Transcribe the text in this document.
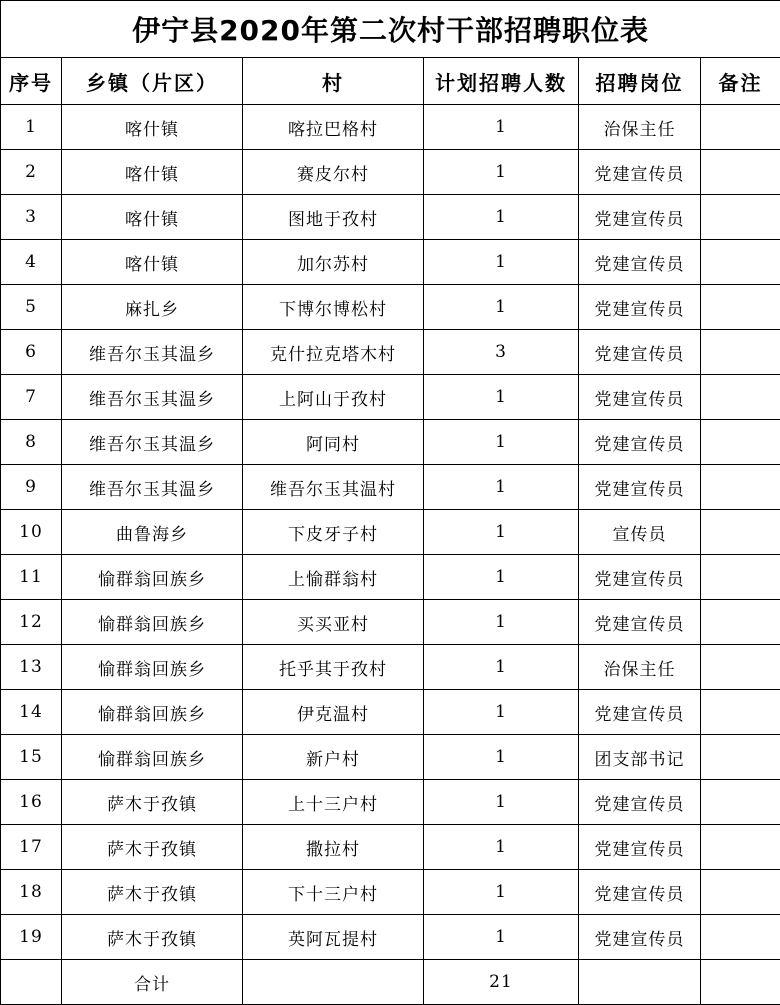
伊宁县2020年第二次村干部招聘职位表					
序号	乡镇（片区）	村	计划招聘人数	招聘岗位	备注
1	喀什镇	喀拉巴格村	1	治保主任	
2	喀什镇	赛皮尔村	1	党建宣传员	
3	喀什镇	图地于孜村	1	党建宣传员	
4	喀什镇	加尔苏村	1	党建宣传员	
5	麻扎乡	下博尔博松村	1	党建宣传员	
6	维吾尔玉其温乡	克什拉克塔木村	3	党建宣传员	
7	维吾尔玉其温乡	上阿山于孜村	1	党建宣传员	
8	维吾尔玉其温乡	阿同村	1	党建宣传员	
9	维吾尔玉其温乡	维吾尔玉其温村	1	党建宣传员	
10	曲鲁海乡	下皮牙子村	1	宣传员	
11	愉群翁回族乡	上愉群翁村	1	党建宣传员	
12	愉群翁回族乡	买买亚村	1	党建宣传员	
13	愉群翁回族乡	托乎其于孜村	1	治保主任	
14	愉群翁回族乡	伊克温村	1	党建宣传员	
15	愉群翁回族乡	新户村	1	团支部书记	
16	萨木于孜镇	上十三户村	1	党建宣传员	
17	萨木于孜镇	撒拉村	1	党建宣传员	
18	萨木于孜镇	下十三户村	1	党建宣传员	
19	萨木于孜镇	英阿瓦提村	1	党建宣传员	
	合计		21		
